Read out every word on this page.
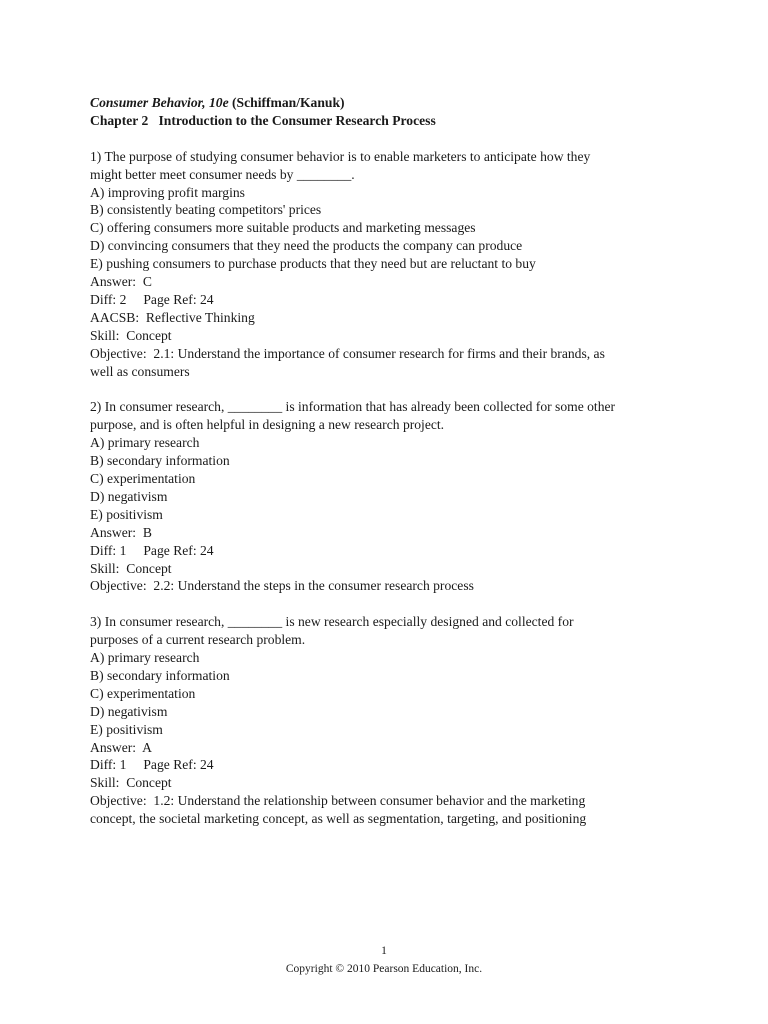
Consumer Behavior, 10e (Schiffman/Kanuk)

Chapter 2   Introduction to the Consumer Research Process

1) The purpose of studying consumer behavior is to enable marketers to anticipate how they

might better meet consumer needs by ________.

A) improving profit margins

B) consistently beating competitors' prices

C) offering consumers more suitable products and marketing messages

D) convincing consumers that they need the products the company can produce

E) pushing consumers to purchase products that they need but are reluctant to buy

Answer:  C

Diff: 2     Page Ref: 24

AACSB:  Reflective Thinking

Skill:  Concept

Objective:  2.1: Understand the importance of consumer research for firms and their brands, as

well as consumers

2) In consumer research, ________ is information that has already been collected for some other

purpose, and is often helpful in designing a new research project.

A) primary research

B) secondary information

C) experimentation

D) negativism

E) positivism

Answer:  B

Diff: 1     Page Ref: 24

Skill:  Concept

Objective:  2.2: Understand the steps in the consumer research process

3) In consumer research, ________ is new research especially designed and collected for

purposes of a current research problem.

A) primary research

B) secondary information

C) experimentation

D) negativism

E) positivism

Answer:  A

Diff: 1     Page Ref: 24

Skill:  Concept

Objective:  1.2: Understand the relationship between consumer behavior and the marketing

concept, the societal marketing concept, as well as segmentation, targeting, and positioning

1
Copyright © 2010 Pearson Education, Inc.
